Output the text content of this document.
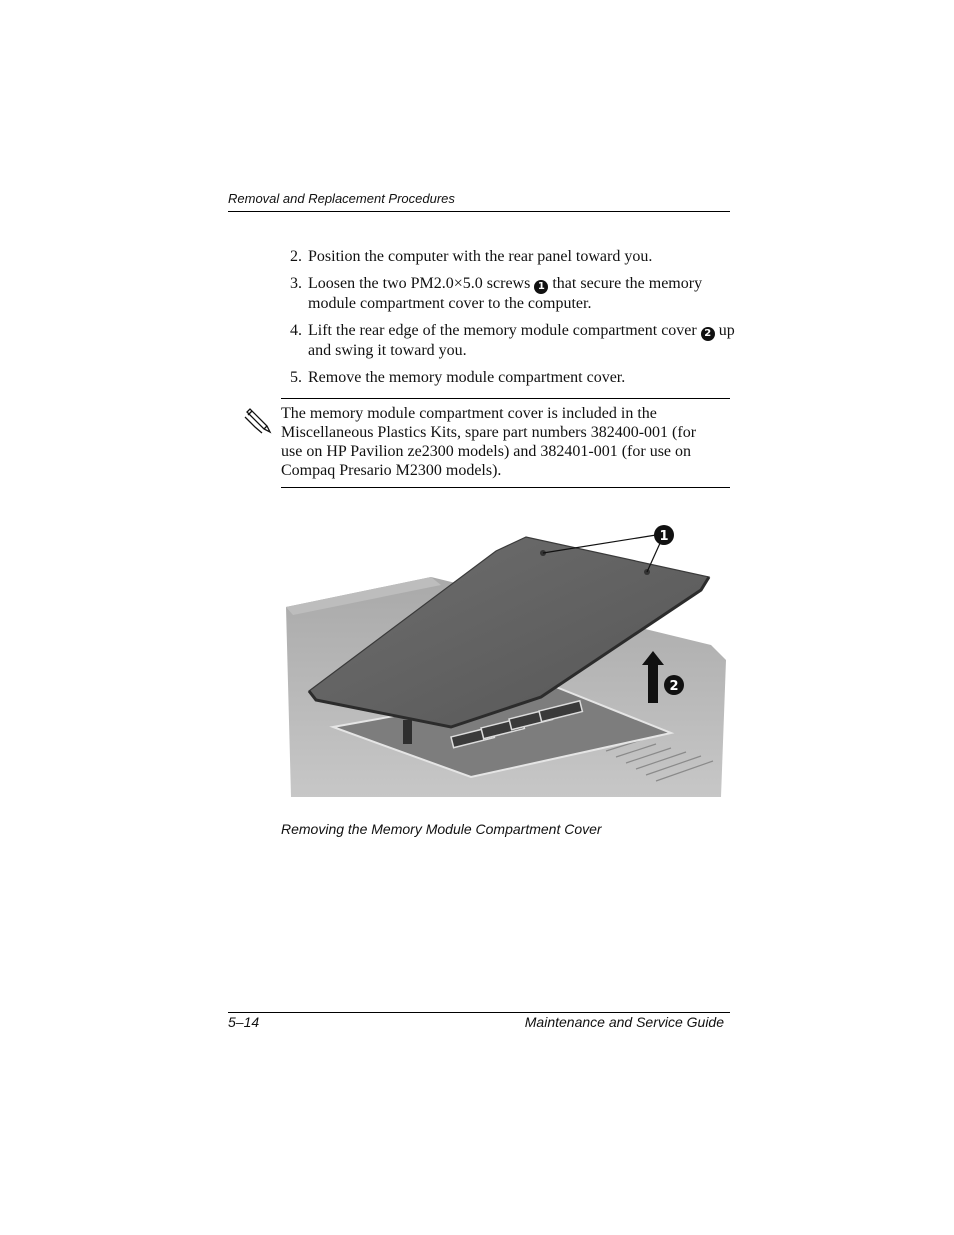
Removal and Replacement Procedures
2. Position the computer with the rear panel toward you.
3. Loosen the two PM2.0×5.0 screws 1 that secure the memory module compartment cover to the computer.
4. Lift the rear edge of the memory module compartment cover 2 up and swing it toward you.
5. Remove the memory module compartment cover.
The memory module compartment cover is included in the Miscellaneous Plastics Kits, spare part numbers 382400-001 (for use on HP Pavilion ze2300 models) and 382401-001 (for use on Compaq Presario M2300 models).
1
2
Removing the Memory Module Compartment Cover
5–14	Maintenance and Service Guide
